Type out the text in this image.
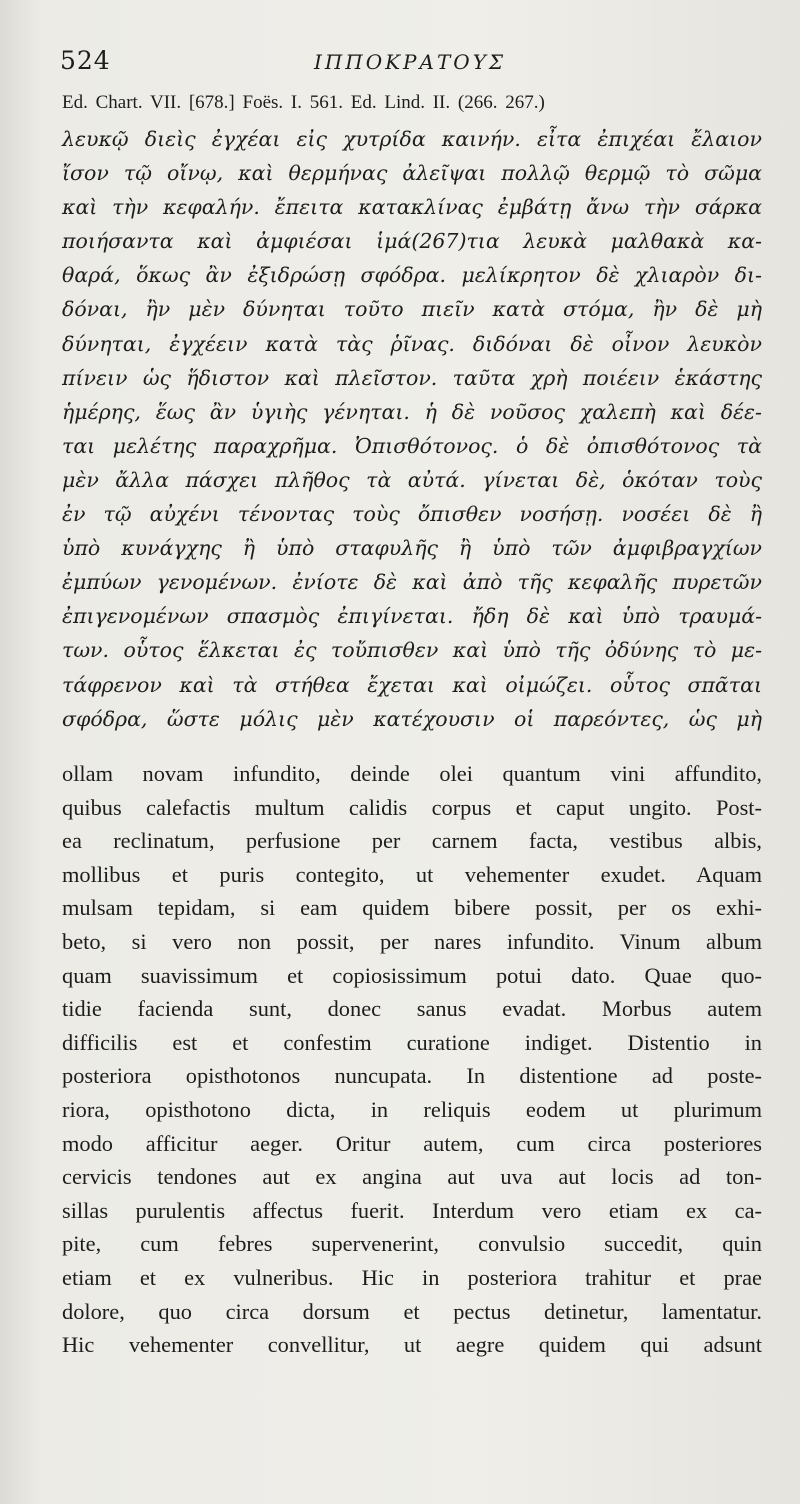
524	ΙΠΠΟΚΡΑΤΟΥΣ
Ed. Chart. VII. [678.] Foës. I. 561. Ed. Lind. II. (266. 267.)
λευκῷ διεὶς ἐγχέαι εἰς χυτρίδα καινήν. εἶτα ἐπιχέαι ἔλαιον
ἴσον τῷ οἴνῳ, καὶ θερμήνας ἀλεῖψαι πολλῷ θερμῷ τὸ σῶμα
καὶ τὴν κεφαλήν. ἔπειτα κατακλίνας ἐμβάτῃ ἄνω τὴν σάρκα
ποιήσαντα καὶ ἀμφιέσαι ἱμά(267)τια λευκὰ μαλθακὰ κα-
θαρά, ὅκως ἂν ἐξιδρώσῃ σφόδρα. μελίκρητον δὲ χλιαρὸν δι-
δόναι, ἢν μὲν δύνηται τοῦτο πιεῖν κατὰ στόμα, ἢν δὲ μὴ
δύνηται, ἐγχέειν κατὰ τὰς ῥῖνας. διδόναι δὲ οἶνον λευκὸν
πίνειν ὡς ἥδιστον καὶ πλεῖστον. ταῦτα χρὴ ποιέειν ἑκάστης
ἡμέρης, ἕως ἂν ὑγιὴς γένηται. ἡ δὲ νοῦσος χαλεπὴ καὶ δέε-
ται μελέτης παραχρῆμα. Ὀπισθότονος. ὁ δὲ ὀπισθότονος τὰ
μὲν ἄλλα πάσχει πλῆθος τὰ αὐτά. γίνεται δὲ, ὁκόταν τοὺς
ἐν τῷ αὐχένι τένοντας τοὺς ὄπισθεν νοσήσῃ. νοσέει δὲ ἢ
ὑπὸ κυνάγχης ἢ ὑπὸ σταφυλῆς ἢ ὑπὸ τῶν ἀμφιβραγχίων
ἐμπύων γενομένων. ἐνίοτε δὲ καὶ ἀπὸ τῆς κεφαλῆς πυρετῶν
ἐπιγενομένων σπασμὸς ἐπιγίνεται. ἤδη δὲ καὶ ὑπὸ τραυμά-
των. οὗτος ἕλκεται ἐς τοὔπισθεν καὶ ὑπὸ τῆς ὀδύνης τὸ με-
τάφρενον καὶ τὰ στήθεα ἔχεται καὶ οἰμώζει. οὗτος σπᾶται
σφόδρα, ὥστε μόλις μὲν κατέχουσιν οἱ παρεόντες, ὡς μὴ
ollam novam infundito, deinde olei quantum vini affundito,
quibus calefactis multum calidis corpus et caput ungito. Post-
ea reclinatum, perfusione per carnem facta, vestibus albis,
mollibus et puris contegito, ut vehementer exudet. Aquam
mulsam tepidam, si eam quidem bibere possit, per os exhi-
beto, si vero non possit, per nares infundito. Vinum album
quam suavissimum et copiosissimum potui dato. Quae quo-
tidie facienda sunt, donec sanus evadat. Morbus autem
difficilis est et confestim curatione indiget. Distentio in
posteriora opisthotonos nuncupata. In distentione ad poste-
riora, opisthotono dicta, in reliquis eodem ut plurimum
modo afficitur aeger. Oritur autem, cum circa posteriores
cervicis tendones aut ex angina aut uva aut locis ad ton-
sillas purulentis affectus fuerit. Interdum vero etiam ex ca-
pite, cum febres supervenerint, convulsio succedit, quin
etiam et ex vulneribus. Hic in posteriora trahitur et prae
dolore, quo circa dorsum et pectus detinetur, lamentatur.
Hic vehementer convellitur, ut aegre quidem qui adsunt
